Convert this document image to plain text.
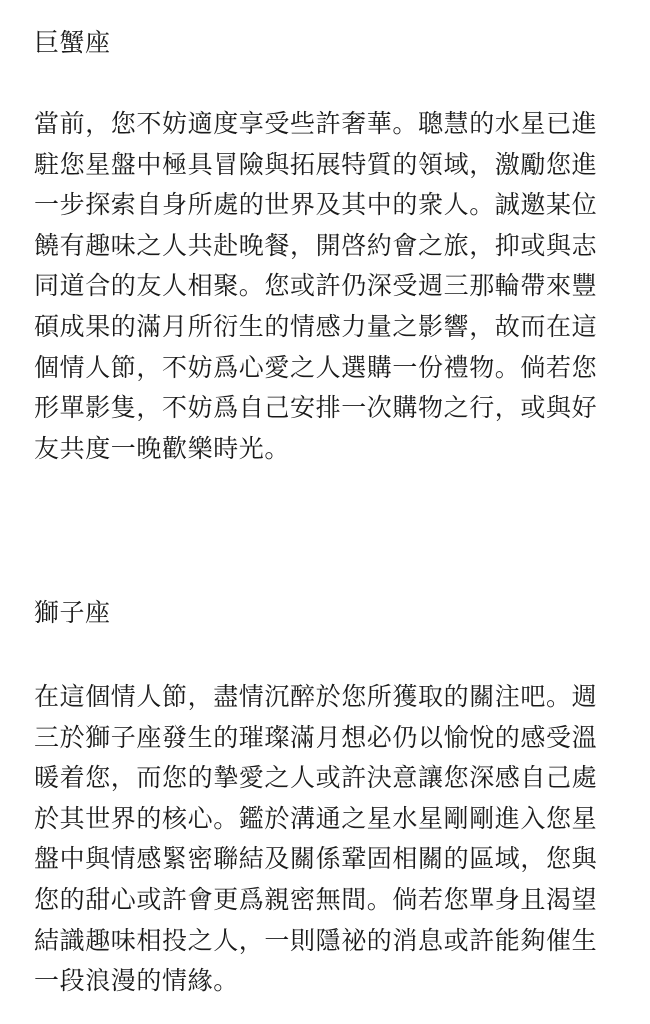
巨蟹座

當前，您不妨適度享受些許奢華。聰慧的水星已進駐您星盤中極具冒險與拓展特質的領域，激勵您進一步探索自身所處的世界及其中的衆人。誠邀某位饒有趣味之人共赴晚餐，開啓約會之旅，抑或與志同道合的友人相聚。您或許仍深受週三那輪帶來豐碩成果的滿月所衍生的情感力量之影響，故而在這個情人節，不妨爲心愛之人選購一份禮物。倘若您形單影隻，不妨爲自己安排一次購物之行，或與好友共度一晚歡樂時光。

獅子座

在這個情人節，盡情沉醉於您所獲取的關注吧。週三於獅子座發生的璀璨滿月想必仍以愉悅的感受溫暖着您，而您的摯愛之人或許決意讓您深感自己處於其世界的核心。鑑於溝通之星水星剛剛進入您星盤中與情感緊密聯結及關係鞏固相關的區域，您與您的甜心或許會更爲親密無間。倘若您單身且渴望結識趣味相投之人，一則隱祕的消息或許能夠催生一段浪漫的情緣。
